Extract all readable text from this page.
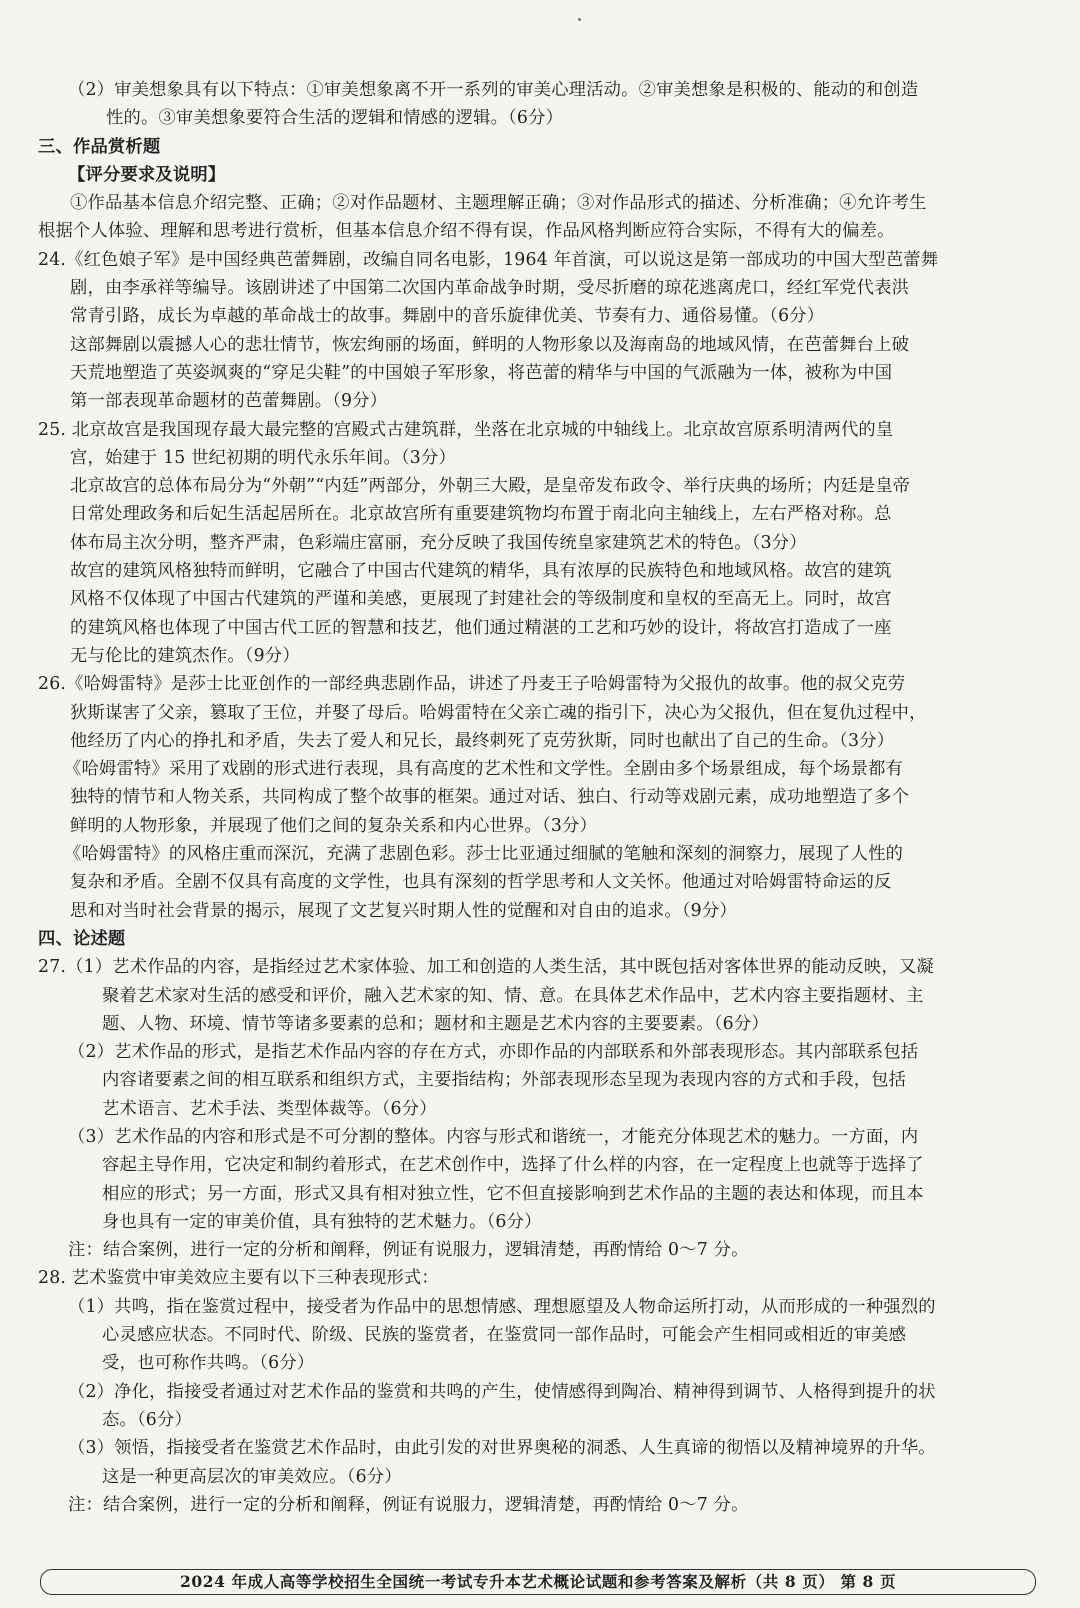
（2）审美想象具有以下特点：①审美想象离不开一系列的审美心理活动。②审美想象是积极的、能动的和创造
性的。③审美想象要符合生活的逻辑和情感的逻辑。（6分）
三、作品赏析题
【评分要求及说明】
①作品基本信息介绍完整、正确；②对作品题材、主题理解正确；③对作品形式的描述、分析准确；④允许考生
根据个人体验、理解和思考进行赏析，但基本信息介绍不得有误，作品风格判断应符合实际，不得有大的偏差。
24.《红色娘子军》是中国经典芭蕾舞剧，改编自同名电影，1964 年首演，可以说这是第一部成功的中国大型芭蕾舞
剧，由李承祥等编导。该剧讲述了中国第二次国内革命战争时期，受尽折磨的琼花逃离虎口，经红军党代表洪
常青引路，成长为卓越的革命战士的故事。舞剧中的音乐旋律优美、节奏有力、通俗易懂。（6分）
这部舞剧以震撼人心的悲壮情节，恢宏绚丽的场面，鲜明的人物形象以及海南岛的地域风情，在芭蕾舞台上破
天荒地塑造了英姿飒爽的“穿足尖鞋”的中国娘子军形象，将芭蕾的精华与中国的气派融为一体，被称为中国
第一部表现革命题材的芭蕾舞剧。（9分）
25. 北京故宫是我国现存最大最完整的宫殿式古建筑群，坐落在北京城的中轴线上。北京故宫原系明清两代的皇
宫，始建于 15 世纪初期的明代永乐年间。（3分）
北京故宫的总体布局分为“外朝”“内廷”两部分，外朝三大殿，是皇帝发布政令、举行庆典的场所；内廷是皇帝
日常处理政务和后妃生活起居所在。北京故宫所有重要建筑物均布置于南北向主轴线上，左右严格对称。总
体布局主次分明，整齐严肃，色彩端庄富丽，充分反映了我国传统皇家建筑艺术的特色。（3分）
故宫的建筑风格独特而鲜明，它融合了中国古代建筑的精华，具有浓厚的民族特色和地域风格。故宫的建筑
风格不仅体现了中国古代建筑的严谨和美感，更展现了封建社会的等级制度和皇权的至高无上。同时，故宫
的建筑风格也体现了中国古代工匠的智慧和技艺，他们通过精湛的工艺和巧妙的设计，将故宫打造成了一座
无与伦比的建筑杰作。（9分）
26.《哈姆雷特》是莎士比亚创作的一部经典悲剧作品，讲述了丹麦王子哈姆雷特为父报仇的故事。他的叔父克劳
狄斯谋害了父亲，篡取了王位，并娶了母后。哈姆雷特在父亲亡魂的指引下，决心为父报仇，但在复仇过程中，
他经历了内心的挣扎和矛盾，失去了爱人和兄长，最终刺死了克劳狄斯，同时也献出了自己的生命。（3分）
《哈姆雷特》采用了戏剧的形式进行表现，具有高度的艺术性和文学性。全剧由多个场景组成，每个场景都有
独特的情节和人物关系，共同构成了整个故事的框架。通过对话、独白、行动等戏剧元素，成功地塑造了多个
鲜明的人物形象，并展现了他们之间的复杂关系和内心世界。（3分）
《哈姆雷特》的风格庄重而深沉，充满了悲剧色彩。莎士比亚通过细腻的笔触和深刻的洞察力，展现了人性的
复杂和矛盾。全剧不仅具有高度的文学性，也具有深刻的哲学思考和人文关怀。他通过对哈姆雷特命运的反
思和对当时社会背景的揭示，展现了文艺复兴时期人性的觉醒和对自由的追求。（9分）
四、论述题
27.（1）艺术作品的内容，是指经过艺术家体验、加工和创造的人类生活，其中既包括对客体世界的能动反映，又凝
聚着艺术家对生活的感受和评价，融入艺术家的知、情、意。在具体艺术作品中，艺术内容主要指题材、主
题、人物、环境、情节等诸多要素的总和；题材和主题是艺术内容的主要要素。（6分）
（2）艺术作品的形式，是指艺术作品内容的存在方式，亦即作品的内部联系和外部表现形态。其内部联系包括
内容诸要素之间的相互联系和组织方式，主要指结构；外部表现形态呈现为表现内容的方式和手段，包括
艺术语言、艺术手法、类型体裁等。（6分）
（3）艺术作品的内容和形式是不可分割的整体。内容与形式和谐统一，才能充分体现艺术的魅力。一方面，内
容起主导作用，它决定和制约着形式，在艺术创作中，选择了什么样的内容，在一定程度上也就等于选择了
相应的形式；另一方面，形式又具有相对独立性，它不但直接影响到艺术作品的主题的表达和体现，而且本
身也具有一定的审美价值，具有独特的艺术魅力。（6分）
注：结合案例，进行一定的分析和阐释，例证有说服力，逻辑清楚，再酌情给 0～7 分。
28. 艺术鉴赏中审美效应主要有以下三种表现形式：
（1）共鸣，指在鉴赏过程中，接受者为作品中的思想情感、理想愿望及人物命运所打动，从而形成的一种强烈的
心灵感应状态。不同时代、阶级、民族的鉴赏者，在鉴赏同一部作品时，可能会产生相同或相近的审美感
受，也可称作共鸣。（6分）
（2）净化，指接受者通过对艺术作品的鉴赏和共鸣的产生，使情感得到陶冶、精神得到调节、人格得到提升的状
态。（6分）
（3）领悟，指接受者在鉴赏艺术作品时，由此引发的对世界奥秘的洞悉、人生真谛的彻悟以及精神境界的升华。
这是一种更高层次的审美效应。（6分）
注：结合案例，进行一定的分析和阐释，例证有说服力，逻辑清楚，再酌情给 0～7 分。
2024 年成人高等学校招生全国统一考试专升本艺术概论试题和参考答案及解析（共 8 页） 第 8 页
